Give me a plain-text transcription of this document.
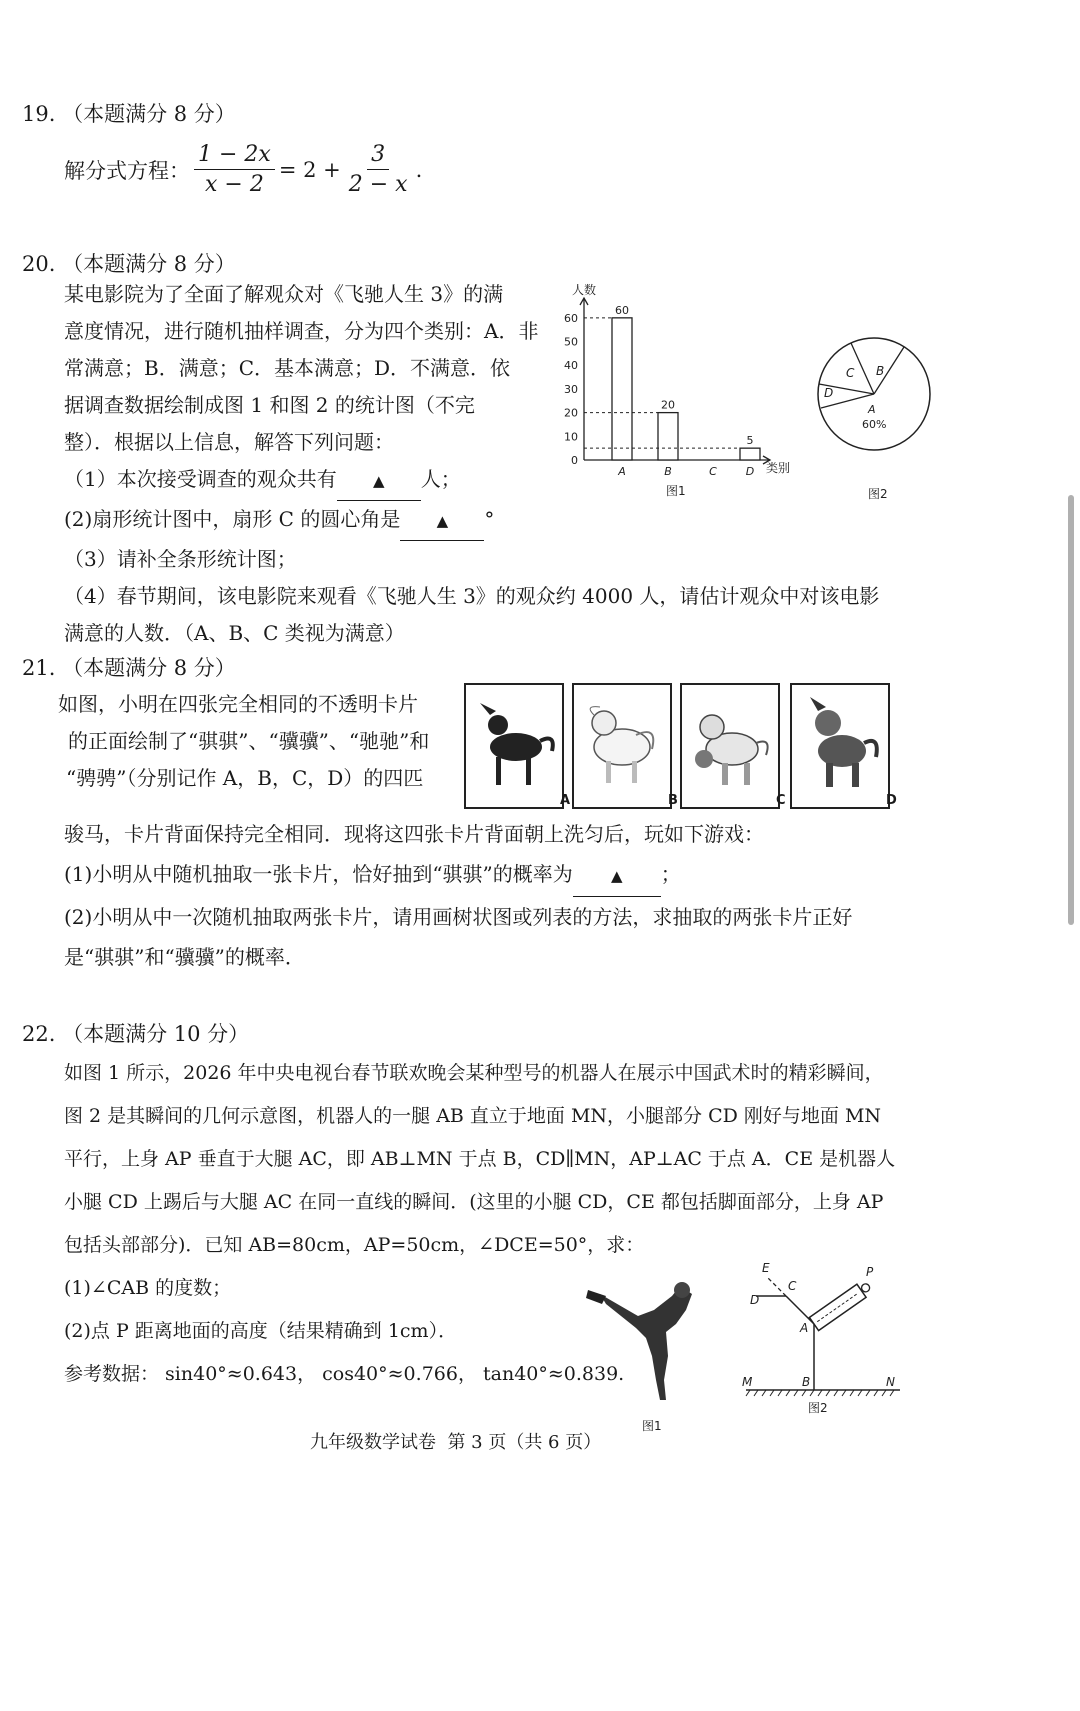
19. （本题满分 8 分）
解分式方程： $\frac{1 - 2x}{x - 2} = 2 + \frac{3}{2 - x}$ .
20. （本题满分 8 分）
某电影院为了全面了解观众对《飞驰人生 3》的满
意度情况，进行随机抽样调查，分为四个类别：A．非
常满意；B．满意；C．基本满意；D．不满意．依
据调查数据绘制成图 1 和图 2 的统计图（不完
整）．根据以上信息，解答下列问题：
（1）本次接受调查的观众共有 ▲ 人；
(2)扇形统计图中，扇形 C 的圆心角是 ▲ °
（3）请补全条形统计图；
（4）春节期间，该电影院来观看《飞驰人生 3》的观众约 4000 人，请估计观众中对该电影
满意的人数．（A、B、C 类视为满意）
人数
类别
图1
0
10
20
30
40
50
60
A	B	C	D
60
20
5
C B
D
A
60%
图2
21. （本题满分 8 分）
如图，小明在四张完全相同的不透明卡片
的正面绘制了“骐骐”、“骥骥”、“驰驰”和
“骋骋”（分别记作 A，B，C，D）的四匹
A	B	C	D
骏马，卡片背面保持完全相同．现将这四张卡片背面朝上洗匀后，玩如下游戏：
(1)小明从中随机抽取一张卡片，恰好抽到“骐骐”的概率为	▲ ；
(2)小明从中一次随机抽取两张卡片，请用画树状图或列表的方法，求抽取的两张卡片正好
是“骐骐”和“骥骥”的概率．
22. （本题满分 10 分）
如图 1 所示，2026 年中央电视台春节联欢晚会某种型号的机器人在展示中国武术时的精彩瞬间，
图 2 是其瞬间的几何示意图，机器人的一腿 AB 直立于地面 MN，小腿部分 CD 刚好与地面 MN
平行，上身 AP 垂直于大腿 AC，即 AB⊥MN 于点 B，CD∥MN，AP⊥AC 于点 A．CE 是机器人
小腿 CD 上踢后与大腿 AC 在同一直线的瞬间．(这里的小腿 CD，CE 都包括脚面部分，上身 AP
包括头部部分)．已知 AB=80cm，AP=50cm，∠DCE=50°，求：
(1)∠CAB 的度数；
(2)点 P 距离地面的高度（结果精确到 1cm）．
参考数据： sin40°≈0.643， cos40°≈0.766， tan40°≈0.839.
图1
E
C
D
P
A
M	B	N
图2
九年级数学试卷  第 3 页（共 6 页）
